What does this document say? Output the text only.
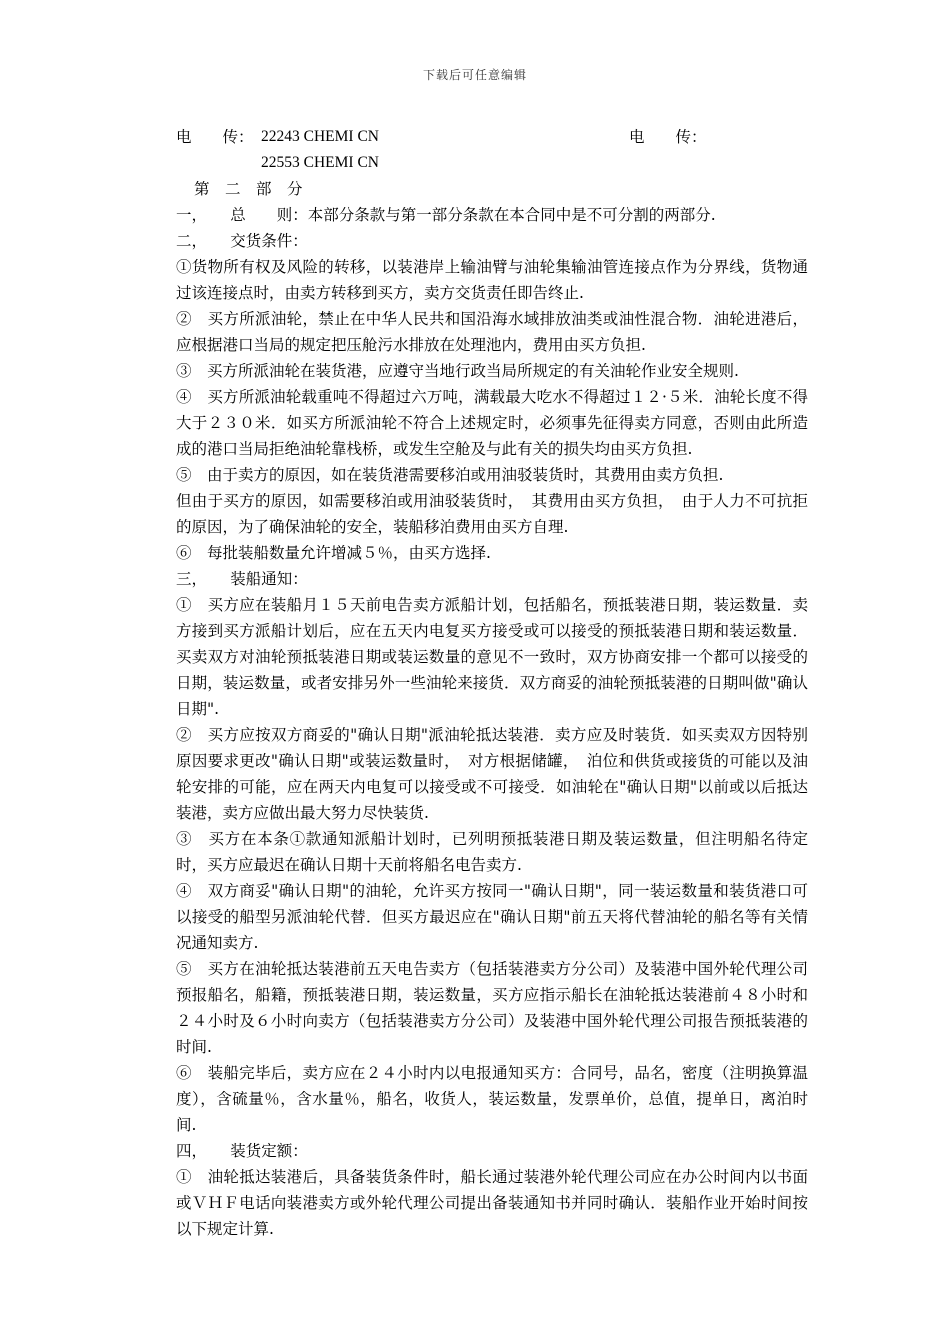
下载后可任意编辑
电　　传： 22243 CHEMI CN	电　　传：
22553 CHEMI CN

第　二　部　分

一，　　总　　则：本部分条款与第一部分条款在本合同中是不可分割的两部分.

二，　　交货条件：

①货物所有权及风险的转移，以装港岸上输油臂与油轮集输油管连接点作为分界线，货物通过该连接点时，由卖方转移到买方，卖方交货责任即告终止.

②　买方所派油轮，禁止在中华人民共和国沿海水域排放油类或油性混合物．油轮进港后，应根据港口当局的规定把压舱污水排放在处理池内，费用由买方负担.

③　买方所派油轮在装货港，应遵守当地行政当局所规定的有关油轮作业安全规则.

④　买方所派油轮载重吨不得超过六万吨，满载最大吃水不得超过１２·５米．油轮长度不得大于２３０米．如买方所派油轮不符合上述规定时，必须事先征得卖方同意，否则由此所造成的港口当局拒绝油轮靠栈桥，或发生空舱及与此有关的损失均由买方负担.

⑤　由于卖方的原因，如在装货港需要移泊或用油驳装货时，其费用由卖方负担.

但由于买方的原因，如需要移泊或用油驳装货时，　其费用由买方负担，　由于人力不可抗拒的原因，为了确保油轮的安全，装船移泊费用由买方自理.

⑥　每批装船数量允许增减５％，由买方选择.

三，　　装船通知：

①　买方应在装船月１５天前电告卖方派船计划，包括船名，预抵装港日期，装运数量．卖方接到买方派船计划后，应在五天内电复买方接受或可以接受的预抵装港日期和装运数量．买卖双方对油轮预抵装港日期或装运数量的意见不一致时，双方协商安排一个都可以接受的日期，装运数量，或者安排另外一些油轮来接货．双方商妥的油轮预抵装港的日期叫做"确认日期".

②　买方应按双方商妥的"确认日期"派油轮抵达装港．卖方应及时装货．如买卖双方因特别原因要求更改"确认日期"或装运数量时，　对方根据储罐，　泊位和供货或接货的可能以及油轮安排的可能，应在两天内电复可以接受或不可接受．如油轮在"确认日期"以前或以后抵达装港，卖方应做出最大努力尽快装货.

③　买方在本条①款通知派船计划时，已列明预抵装港日期及装运数量，但注明船名待定时，买方应最迟在确认日期十天前将船名电告卖方.

④　双方商妥"确认日期"的油轮，允许买方按同一"确认日期"，同一装运数量和装货港口可以接受的船型另派油轮代替．但买方最迟应在"确认日期"前五天将代替油轮的船名等有关情况通知卖方.

⑤　买方在油轮抵达装港前五天电告卖方（包括装港卖方分公司）及装港中国外轮代理公司预报船名，船籍，预抵装港日期，装运数量，买方应指示船长在油轮抵达装港前４８小时和２４小时及６小时向卖方（包括装港卖方分公司）及装港中国外轮代理公司报告预抵装港的时间.

⑥　装船完毕后，卖方应在２４小时内以电报通知买方：合同号，品名，密度（注明换算温度），含硫量％，含水量％，船名，收货人，装运数量，发票单价，总值，提单日，离泊时间.

四，　　装货定额：

①　油轮抵达装港后，具备装货条件时，船长通过装港外轮代理公司应在办公时间内以书面或ＶＨＦ电话向装港卖方或外轮代理公司提出备装通知书并同时确认．装船作业开始时间按以下规定计算.
